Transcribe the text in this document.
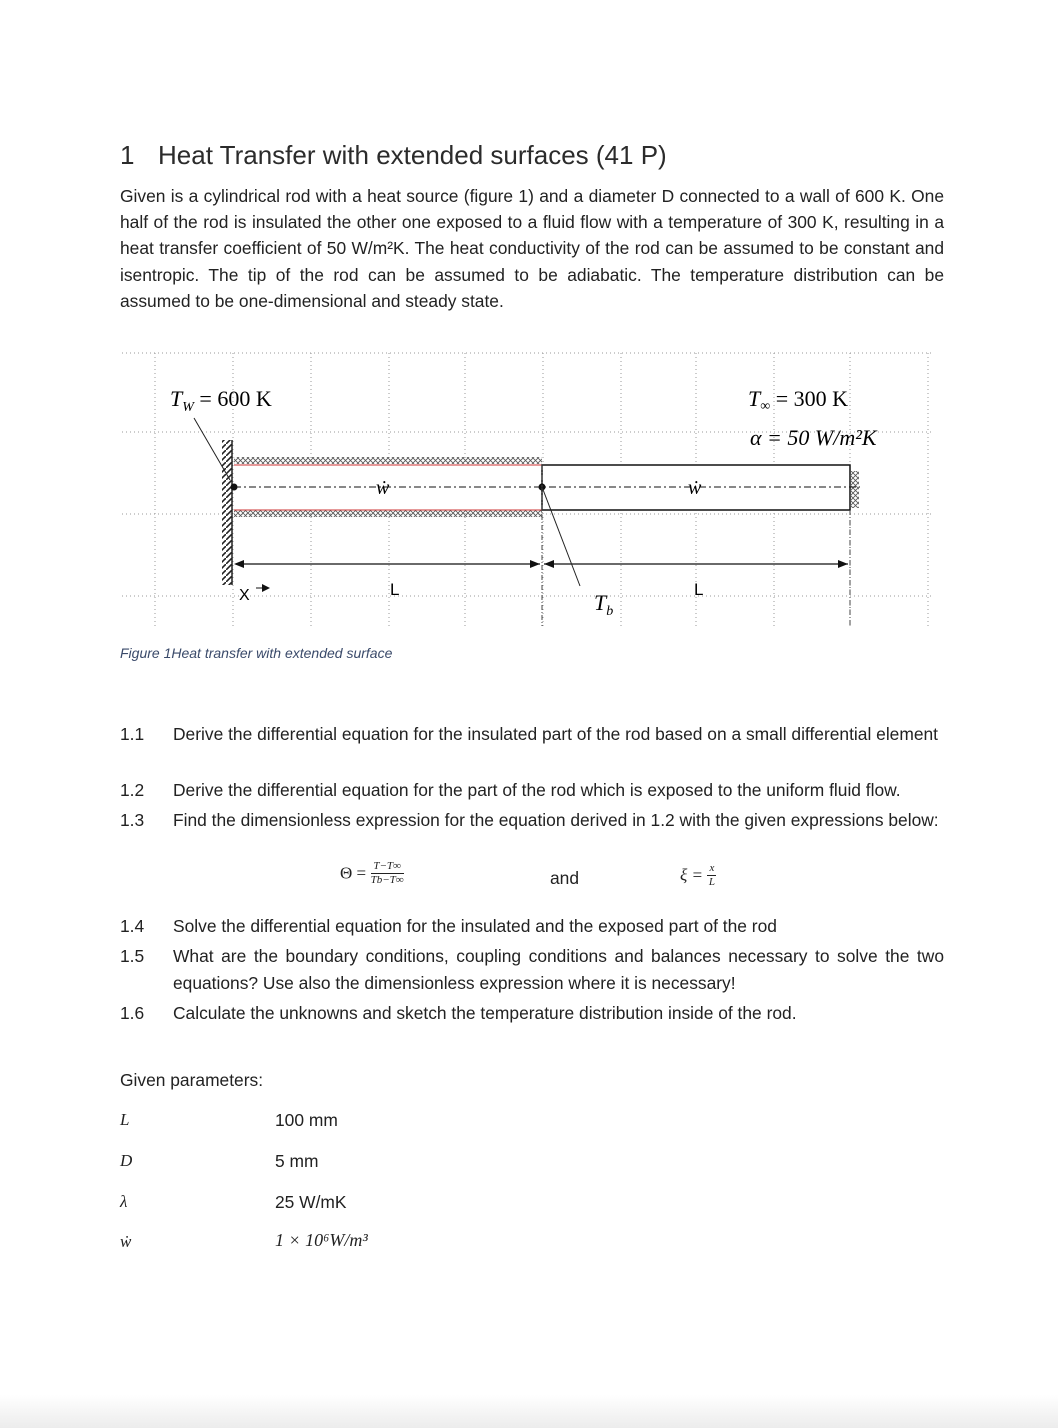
1 Heat Transfer with extended surfaces (41 P)
Given is a cylindrical rod with a heat source (figure 1) and a diameter D connected to a wall of 600 K. One half of the rod is insulated the other one exposed to a fluid flow with a temperature of 300 K, resulting in a heat transfer coefficient of 50 W/m²K. The heat conductivity of the rod can be assumed to be constant and isentropic. The tip of the rod can be assumed to be adiabatic. The temperature distribution can be assumed to be one-dimensional and steady state.
$T_W = 600$ K	T∞ = 300 K
α = 50 W/m²K
ẇ	ẇ
X	L	L
$T_b$
Figure 1Heat transfer with extended surface
1.1	Derive the differential equation for the insulated part of the rod based on a small differential element
1.2	Derive the differential equation for the part of the rod which is exposed to the uniform fluid flow.
1.3	Find the dimensionless expression for the equation derived in 1.2 with the given expressions below:
$\Theta = \frac{T-T\infty}{Tb-T\infty}$	and	$\xi = \frac{x}{L}$
1.4	Solve the differential equation for the insulated and the exposed part of the rod
1.5	What are the boundary conditions, coupling conditions and balances necessary to solve the two equations? Use also the dimensionless expression where it is necessary!
1.6	Calculate the unknowns and sketch the temperature distribution inside of the rod.
Given parameters:
L	100 mm
D	5 mm
λ	25 W/mK
ẇ	1 × 10⁶W/m³
